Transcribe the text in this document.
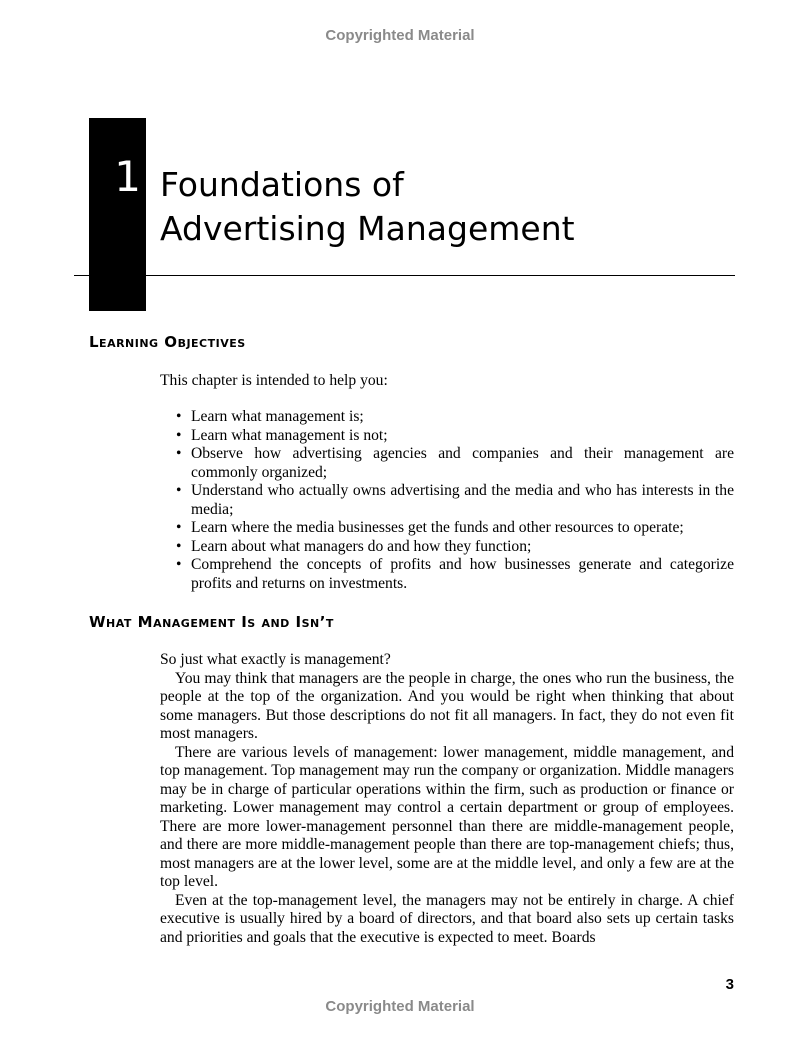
Copyrighted Material
1 Foundations of
Advertising Management
Learning Objectives

This chapter is intended to help you:

• Learn what management is;
• Learn what management is not;
• Observe how advertising agencies and companies and their management are commonly organized;
• Understand who actually owns advertising and the media and who has interests in the media;
• Learn where the media businesses get the funds and other resources to operate;
• Learn about what managers do and how they function;
• Comprehend the concepts of profits and how businesses generate and categorize profits and returns on investments.
What Management Is and Isn’t

So just what exactly is management?

You may think that managers are the people in charge, the ones who run the business, the people at the top of the organization. And you would be right when thinking that about some managers. But those descriptions do not fit all managers. In fact, they do not even fit most managers.

There are various levels of management: lower management, middle management, and top management. Top management may run the company or organization. Middle managers may be in charge of particular operations within the firm, such as production or finance or marketing. Lower management may control a certain department or group of employees. There are more lower-management personnel than there are middle-management people, and there are more middle-management people than there are top-management chiefs; thus, most managers are at the lower level, some are at the middle level, and only a few are at the top level.

Even at the top-management level, the managers may not be entirely in charge. A chief executive is usually hired by a board of directors, and that board also sets up certain tasks and priorities and goals that the executive is expected to meet. Boards

3
Copyrighted Material
